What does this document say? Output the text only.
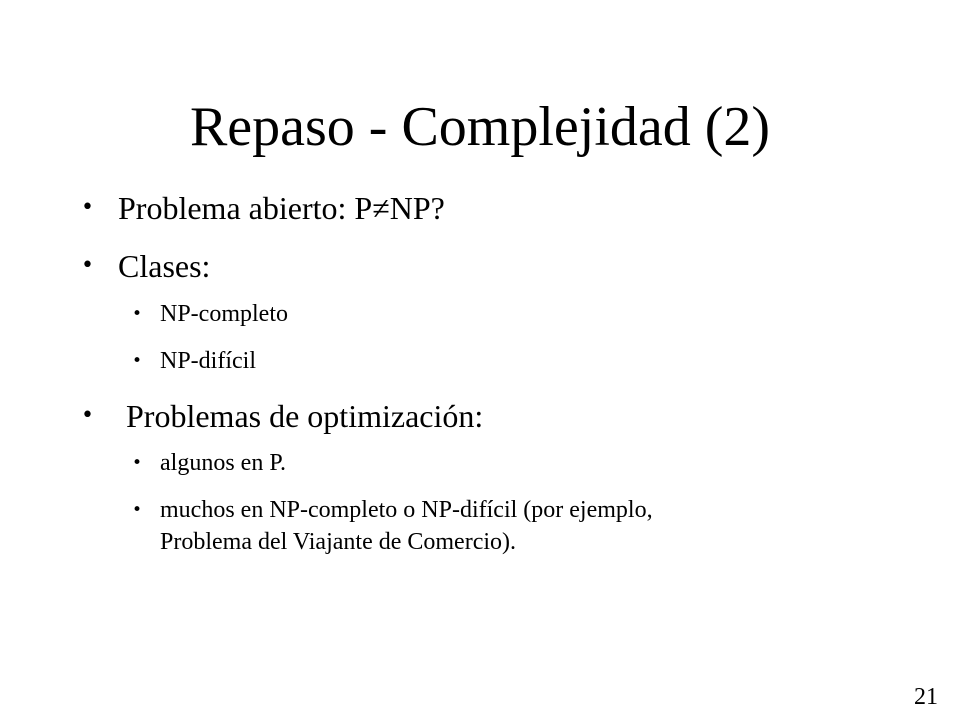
Repaso - Complejidad (2)
• Problema abierto: P≠NP?
• Clases:
• NP-completo
• NP-difícil
• Problemas de optimización:
• algunos en P.
• muchos en NP-completo o NP-difícil (por ejemplo,
Problema del Viajante de Comercio).
21
